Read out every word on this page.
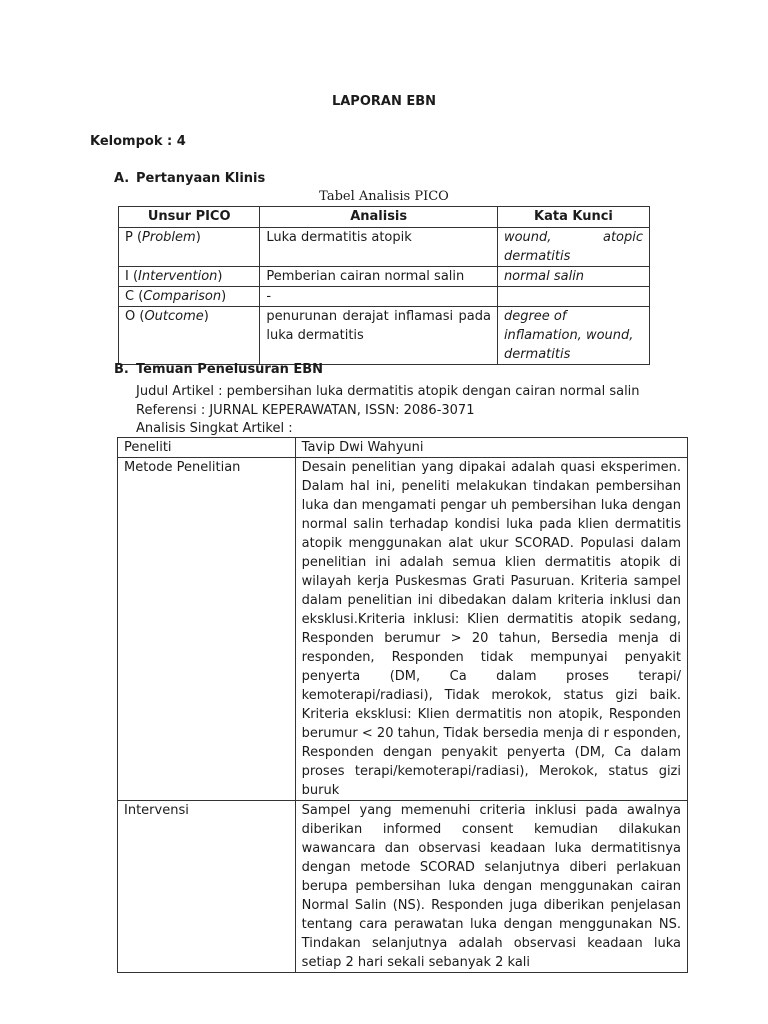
LAPORAN EBN
Kelompok : 4
A. Pertanyaan Klinis
Tabel Analisis PICO
Unsur PICO	Analisis	Kata Kunci
P (Problem)	Luka dermatitis atopik	wound, atopic dermatitis
I (Intervention)	Pemberian cairan normal salin	normal salin
C (Comparison)	-	
O (Outcome)	penurunan derajat inflamasi pada luka dermatitis	degree of inflamation, wound, dermatitis
B. Temuan Penelusuran EBN
Judul Artikel : pembersihan luka dermatitis atopik dengan cairan normal salin
Referensi : JURNAL KEPERAWATAN, ISSN: 2086-3071
Analisis Singkat Artikel :
Peneliti	Tavip Dwi Wahyuni
Metode Penelitian	Desain penelitian yang dipakai adalah quasi eksperimen. Dalam hal ini, peneliti melakukan tindakan pembersihan luka dan mengamati pengar uh pembersihan luka dengan normal salin terhadap kondisi luka pada klien dermatitis atopik menggunakan alat ukur SCORAD. Populasi dalam penelitian ini adalah semua klien dermatitis atopik di wilayah kerja Puskesmas Grati Pasuruan. Kriteria sampel dalam penelitian ini dibedakan dalam kriteria inklusi dan eksklusi.Kriteria inklusi: Klien dermatitis atopik sedang, Responden berumur > 20 tahun, Bersedia menja di responden, Responden tidak mempunyai penyakit penyerta (DM, Ca dalam proses terapi/ kemoterapi/radiasi), Tidak merokok, status gizi baik. Kriteria eksklusi: Klien dermatitis non atopik, Responden berumur < 20 tahun, Tidak bersedia menja di r esponden, Responden dengan penyakit penyerta (DM, Ca dalam proses terapi/kemoterapi/radiasi), Merokok, status gizi buruk
Intervensi	Sampel yang memenuhi criteria inklusi pada awalnya diberikan informed consent kemudian dilakukan wawancara dan observasi keadaan luka dermatitisnya dengan metode SCORAD selanjutnya diberi perlakuan berupa pembersihan luka dengan menggunakan cairan Normal Salin (NS). Responden juga diberikan penjelasan tentang cara perawatan luka dengan menggunakan NS. Tindakan selanjutnya adalah observasi keadaan luka setiap 2 hari sekali sebanyak 2 kali
